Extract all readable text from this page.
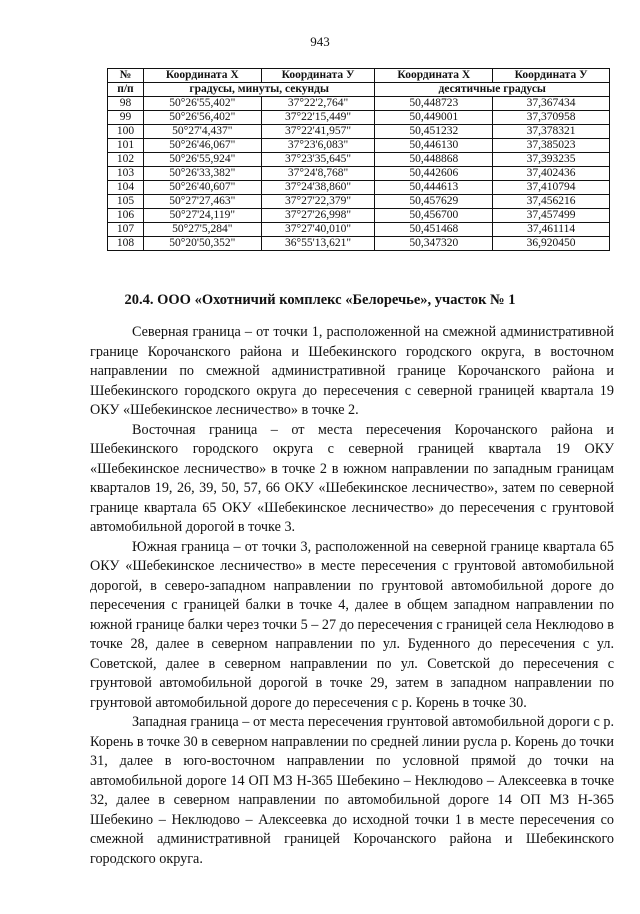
943
№	Координата X	Координата У	Координата X	Координата У
п/п	градусы, минуты, секунды		десятичные градусы	
98	50°26'55,402"	37°22'2,764"	50,448723	37,367434
99	50°26'56,402"	37°22'15,449"	50,449001	37,370958
100	50°27'4,437"	37°22'41,957"	50,451232	37,378321
101	50°26'46,067"	37°23'6,083"	50,446130	37,385023
102	50°26'55,924"	37°23'35,645"	50,448868	37,393235
103	50°26'33,382"	37°24'8,768"	50,442606	37,402436
104	50°26'40,607"	37°24'38,860"	50,444613	37,410794
105	50°27'27,463"	37°27'22,379"	50,457629	37,456216
106	50°27'24,119"	37°27'26,998"	50,456700	37,457499
107	50°27'5,284"	37°27'40,010"	50,451468	37,461114
108	50°20'50,352"	36°55'13,621"	50,347320	36,920450
20.4. ООО «Охотничий комплекс «Белоречье», участок № 1

Северная граница – от точки 1, расположенной на смежной административной границе Корочанского района и Шебекинского городского округа, в восточном направлении по смежной административной границе Корочанского района и Шебекинского городского округа до пересечения с северной границей квартала 19 ОКУ «Шебекинское лесничество» в точке 2.

Восточная граница – от места пересечения Корочанского района и Шебекинского городского округа с северной границей квартала 19 ОКУ «Шебекинское лесничество» в точке 2 в южном направлении по западным границам кварталов 19, 26, 39, 50, 57, 66 ОКУ «Шебекинское лесничество», затем по северной границе квартала 65 ОКУ «Шебекинское лесничество» до пересечения с грунтовой автомобильной дорогой в точке 3.

Южная граница – от точки 3, расположенной на северной границе квартала 65 ОКУ «Шебекинское лесничество» в месте пересечения с грунтовой автомобильной дорогой, в северо-западном направлении по грунтовой автомобильной дороге до пересечения с границей балки в точке 4, далее в общем западном направлении по южной границе балки через точки 5 – 27 до пересечения с границей села Неклюдово в точке 28, далее в северном направлении по ул. Буденного до пересечения с ул. Советской, далее в северном направлении по ул. Советской до пересечения с грунтовой автомобильной дорогой в точке 29, затем в западном направлении по грунтовой автомобильной дороге до пересечения с р. Корень в точке 30.

Западная граница – от места пересечения грунтовой автомобильной дороги с р. Корень в точке 30 в северном направлении по средней линии русла р. Корень до точки 31, далее в юго-восточном направлении по условной прямой до точки на автомобильной дороге 14 ОП МЗ Н-365 Шебекино – Неклюдово – Алексеевка в точке 32, далее в северном направлении по автомобильной дороге 14 ОП МЗ Н-365 Шебекино – Неклюдово – Алексеевка до исходной точки 1 в месте пересечения со смежной административной границей Корочанского района и Шебекинского городского округа.
